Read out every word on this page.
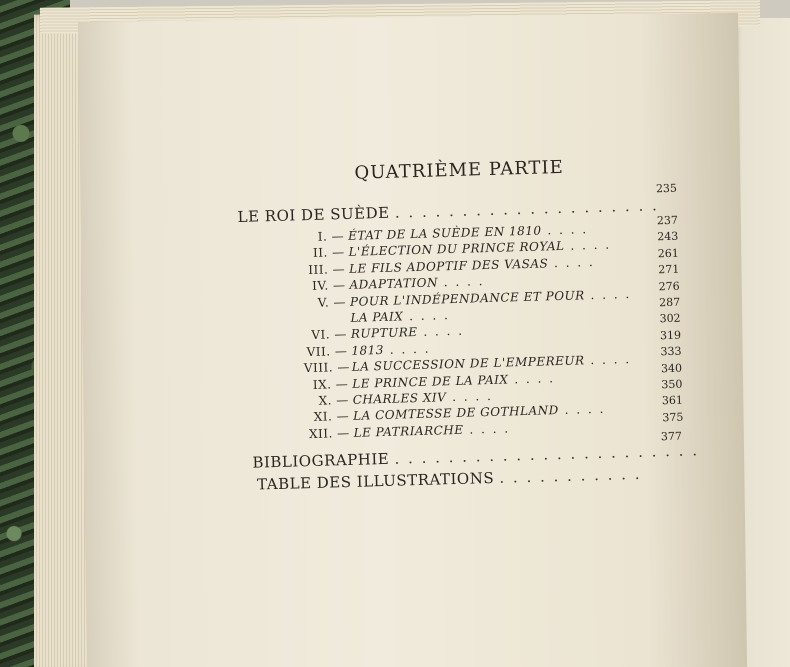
QUATRIÈME PARTIE
235
LE ROI DE SUÈDE . . . . . . . . . . . . . . . . . . . .
I. — ÉTAT DE LA SUÈDE EN 1810 . . . .
237
II. — L'ÉLECTION DU PRINCE ROYAL . . . .
243
III. — LE FILS ADOPTIF DES VASAS . . . .
261
IV. — ADAPTATION . . . .
271
V. — POUR L'INDÉPENDANCE ET POUR . . . .
276
LA PAIX . . . .
287
VI. — RUPTURE . . . .
302
VII. — 1813 . . . .
319
VIII. — LA SUCCESSION DE L'EMPEREUR . . . .
333
IX. — LE PRINCE DE LA PAIX . . . .
340
X. — CHARLES XIV . . . .
350
XI. — LA COMTESSE DE GOTHLAND . . . .
361
XII. — LE PATRIARCHE . . . .
375
BIBLIOGRAPHIE . . . . . . . . . . . . . . . . . . . . . . .
377
TABLE DES ILLUSTRATIONS . . . . . . . . . . .
